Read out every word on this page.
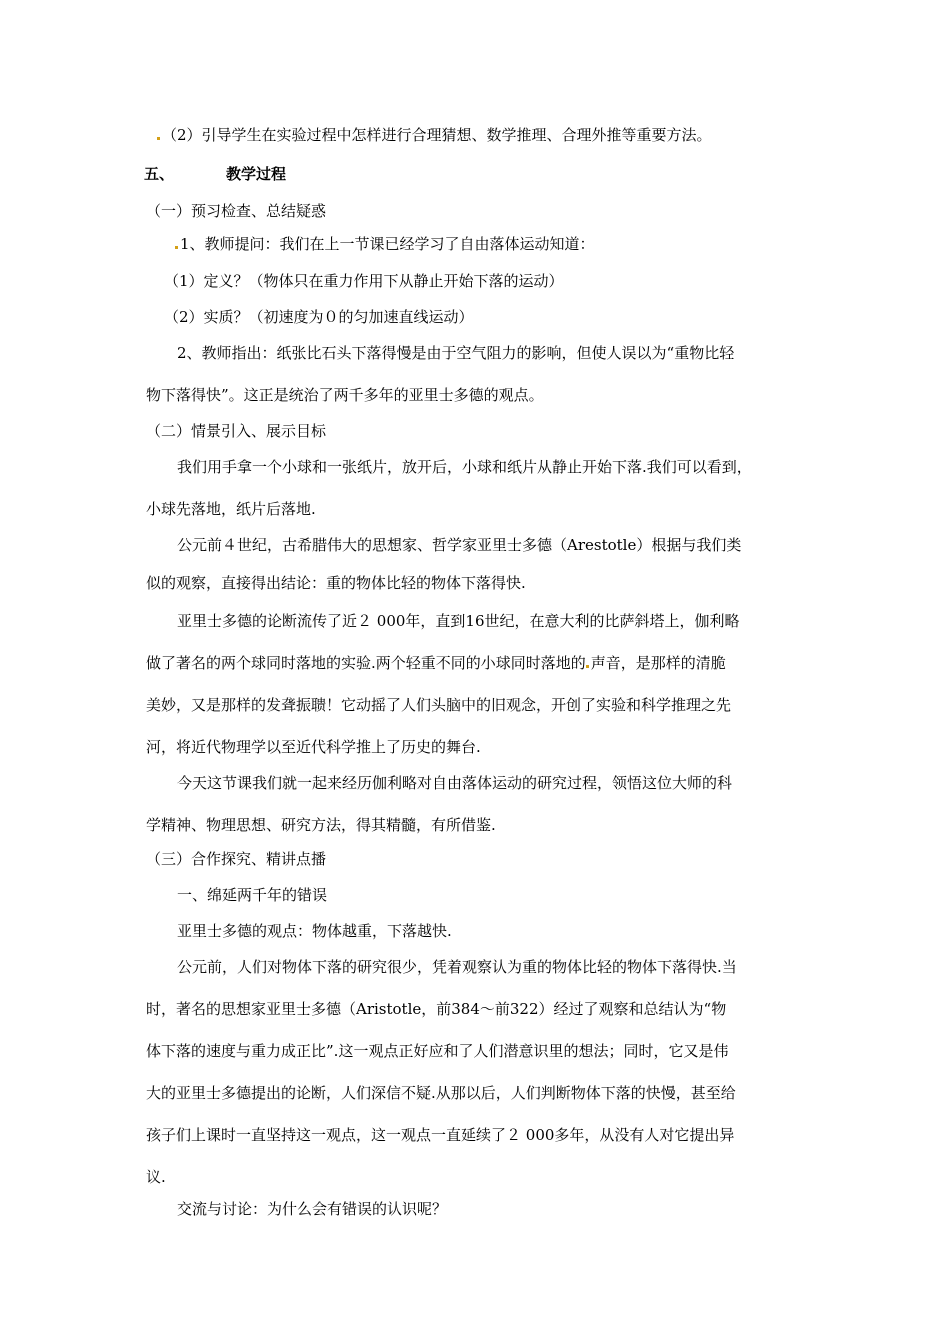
（2）引导学生在实验过程中怎样进行合理猜想、数学推理、合理外推等重要方法。
五、	教学过程
（一）预习检查、总结疑惑
1、教师提问：我们在上一节课已经学习了自由落体运动知道：
（1）定义？（物体只在重力作用下从静止开始下落的运动）
（2）实质？（初速度为０的匀加速直线运动）
2、教师指出：纸张比石头下落得慢是由于空气阻力的影响，但使人误以为“重物比轻
物下落得快”。这正是统治了两千多年的亚里士多德的观点。
（二）情景引入、展示目标
我们用手拿一个小球和一张纸片，放开后，小球和纸片从静止开始下落.我们可以看到，
小球先落地，纸片后落地.
公元前４世纪，古希腊伟大的思想家、哲学家亚里士多德（Arestotle）根据与我们类
似的观察，直接得出结论：重的物体比轻的物体下落得快.
亚里士多德的论断流传了近２ 000年，直到16世纪，在意大利的比萨斜塔上，伽利略
做了著名的两个球同时落地的实验.两个轻重不同的小球同时落地的 声音，是那样的清脆
美妙，又是那样的发聋振聩！它动摇了人们头脑中的旧观念，开创了实验和科学推理之先
河，将近代物理学以至近代科学推上了历史的舞台.
今天这节课我们就一起来经历伽利略对自由落体运动的研究过程，领悟这位大师的科
学精神、物理思想、研究方法，得其精髓，有所借鉴.
（三）合作探究、精讲点播
一、绵延两千年的错误
亚里士多德的观点：物体越重，下落越快.
公元前，人们对物体下落的研究很少，凭着观察认为重的物体比轻的物体下落得快.当
时，著名的思想家亚里士多德（Aristotle，前384～前322）经过了观察和总结认为“物
体下落的速度与重力成正比”.这一观点正好应和了人们潜意识里的想法；同时，它又是伟
大的亚里士多德提出的论断，人们深信不疑.从那以后，人们判断物体下落的快慢，甚至给
孩子们上课时一直坚持这一观点，这一观点一直延续了２ 000多年，从没有人对它提出异
议.
交流与讨论：为什么会有错误的认识呢？
